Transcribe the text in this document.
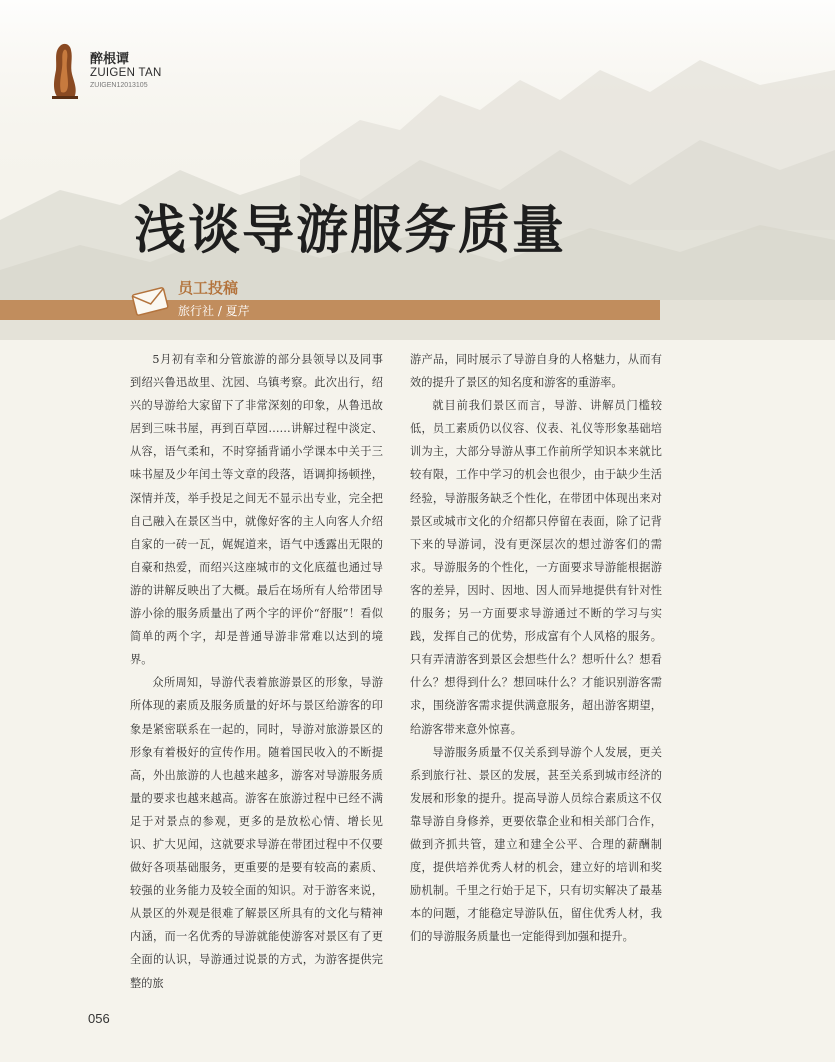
醉根谭
ZUIGEN TAN
ZUIGEN12013105
浅谈导游服务质量
员工投稿
旅行社 / 夏芹

5月初有幸和分管旅游的部分县领导以及同事到绍兴鲁迅故里、沈园、乌镇考察。此次出行，绍兴的导游给大家留下了非常深刻的印象，从鲁迅故居到三味书屋，再到百草园……讲解过程中淡定、从容，语气柔和，不时穿插背诵小学课本中关于三味书屋及少年闰土等文章的段落，语调抑扬顿挫，深情并茂，举手投足之间无不显示出专业，完全把自己融入在景区当中，就像好客的主人向客人介绍自家的一砖一瓦，娓娓道来，语气中透露出无限的自豪和热爱，而绍兴这座城市的文化底蕴也通过导游的讲解反映出了大概。最后在场所有人给带团导游小徐的服务质量出了两个字的评价“舒服”！看似简单的两个字，却是普通导游非常难以达到的境界。

众所周知，导游代表着旅游景区的形象，导游所体现的素质及服务质量的好坏与景区给游客的印象是紧密联系在一起的，同时，导游对旅游景区的形象有着极好的宣传作用。随着国民收入的不断提高，外出旅游的人也越来越多，游客对导游服务质量的要求也越来越高。游客在旅游过程中已经不满足于对景点的参观，更多的是放松心情、增长见识、扩大见闻，这就要求导游在带团过程中不仅要做好各项基础服务，更重要的是要有较高的素质、较强的业务能力及较全面的知识。对于游客来说，从景区的外观是很难了解景区所具有的文化与精神内涵，而一名优秀的导游就能使游客对景区有了更全面的认识，导游通过说景的方式，为游客提供完整的旅

游产品，同时展示了导游自身的人格魅力，从而有效的提升了景区的知名度和游客的重游率。

就目前我们景区而言，导游、讲解员门槛较低，员工素质仍以仪容、仪表、礼仪等形象基础培训为主，大部分导游从事工作前所学知识本来就比较有限，工作中学习的机会也很少，由于缺少生活经验，导游服务缺乏个性化，在带团中体现出来对景区或城市文化的介绍都只停留在表面，除了记背下来的导游词，没有更深层次的想过游客们的需求。导游服务的个性化，一方面要求导游能根据游客的差异，因时、因地、因人而异地提供有针对性的服务；另一方面要求导游通过不断的学习与实践，发挥自己的优势，形成富有个人风格的服务。只有弄清游客到景区会想些什么？想听什么？想看什么？想得到什么？想回味什么？才能识别游客需求，围绕游客需求提供满意服务，超出游客期望，给游客带来意外惊喜。

导游服务质量不仅关系到导游个人发展，更关系到旅行社、景区的发展，甚至关系到城市经济的发展和形象的提升。提高导游人员综合素质这不仅靠导游自身修养，更要依靠企业和相关部门合作，做到齐抓共管，建立和建全公平、合理的薪酬制度，提供培养优秀人材的机会，建立好的培训和奖励机制。千里之行始于足下，只有切实解决了最基本的问题，才能稳定导游队伍，留住优秀人材，我们的导游服务质量也一定能得到加强和提升。

056
